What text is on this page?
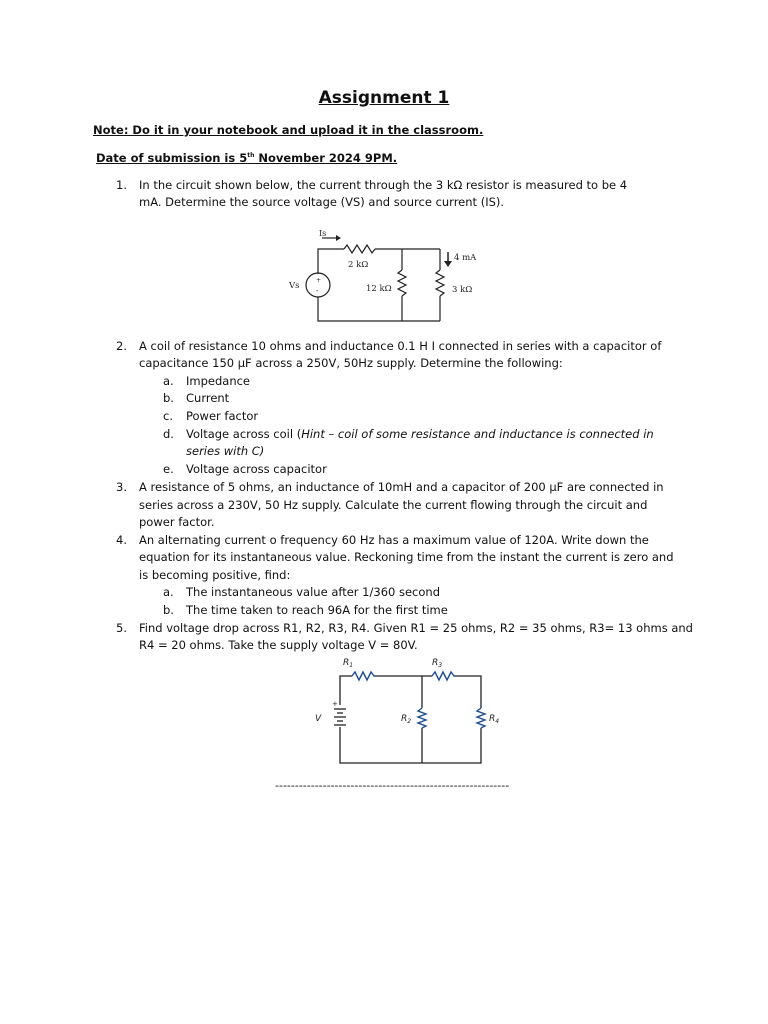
Assignment 1
Note: Do it in your notebook and upload it in the classroom.
Date of submission is 5th November 2024 9PM.
1. In the circuit shown below, the current through the 3 kΩ resistor is measured to be 4
mA. Determine the source voltage (VS) and source current (IS).
+
-
Is
2 kΩ
12 kΩ	3 kΩ
4 mA
Vs
2. A coil of resistance 10 ohms and inductance 0.1 H I connected in series with a capacitor of
capacitance 150 µF across a 250V, 50Hz supply. Determine the following:
a. Impedance
b. Current
c. Power factor
d. Voltage across coil (Hint – coil of some resistance and inductance is connected in
series with C)
e. Voltage across capacitor
3. A resistance of 5 ohms, an inductance of 10mH and a capacitor of 200 µF are connected in
series across a 230V, 50 Hz supply. Calculate the current flowing through the circuit and
power factor.
4. An alternating current o frequency 60 Hz has a maximum value of 120A. Write down the
equation for its instantaneous value. Reckoning time from the instant the current is zero and
is becoming positive, find:
a. The instantaneous value after 1/360 second
b. The time taken to reach 96A for the first time
5. Find voltage drop across R1, R2, R3, R4. Given R1 = 25 ohms, R2 = 35 ohms, R3= 13 ohms and
R4 = 20 ohms. Take the supply voltage V = 80V.
+
$R_1$	$R_3$
$R_2$	$R_4$
V
-----------------------------------------------------------
